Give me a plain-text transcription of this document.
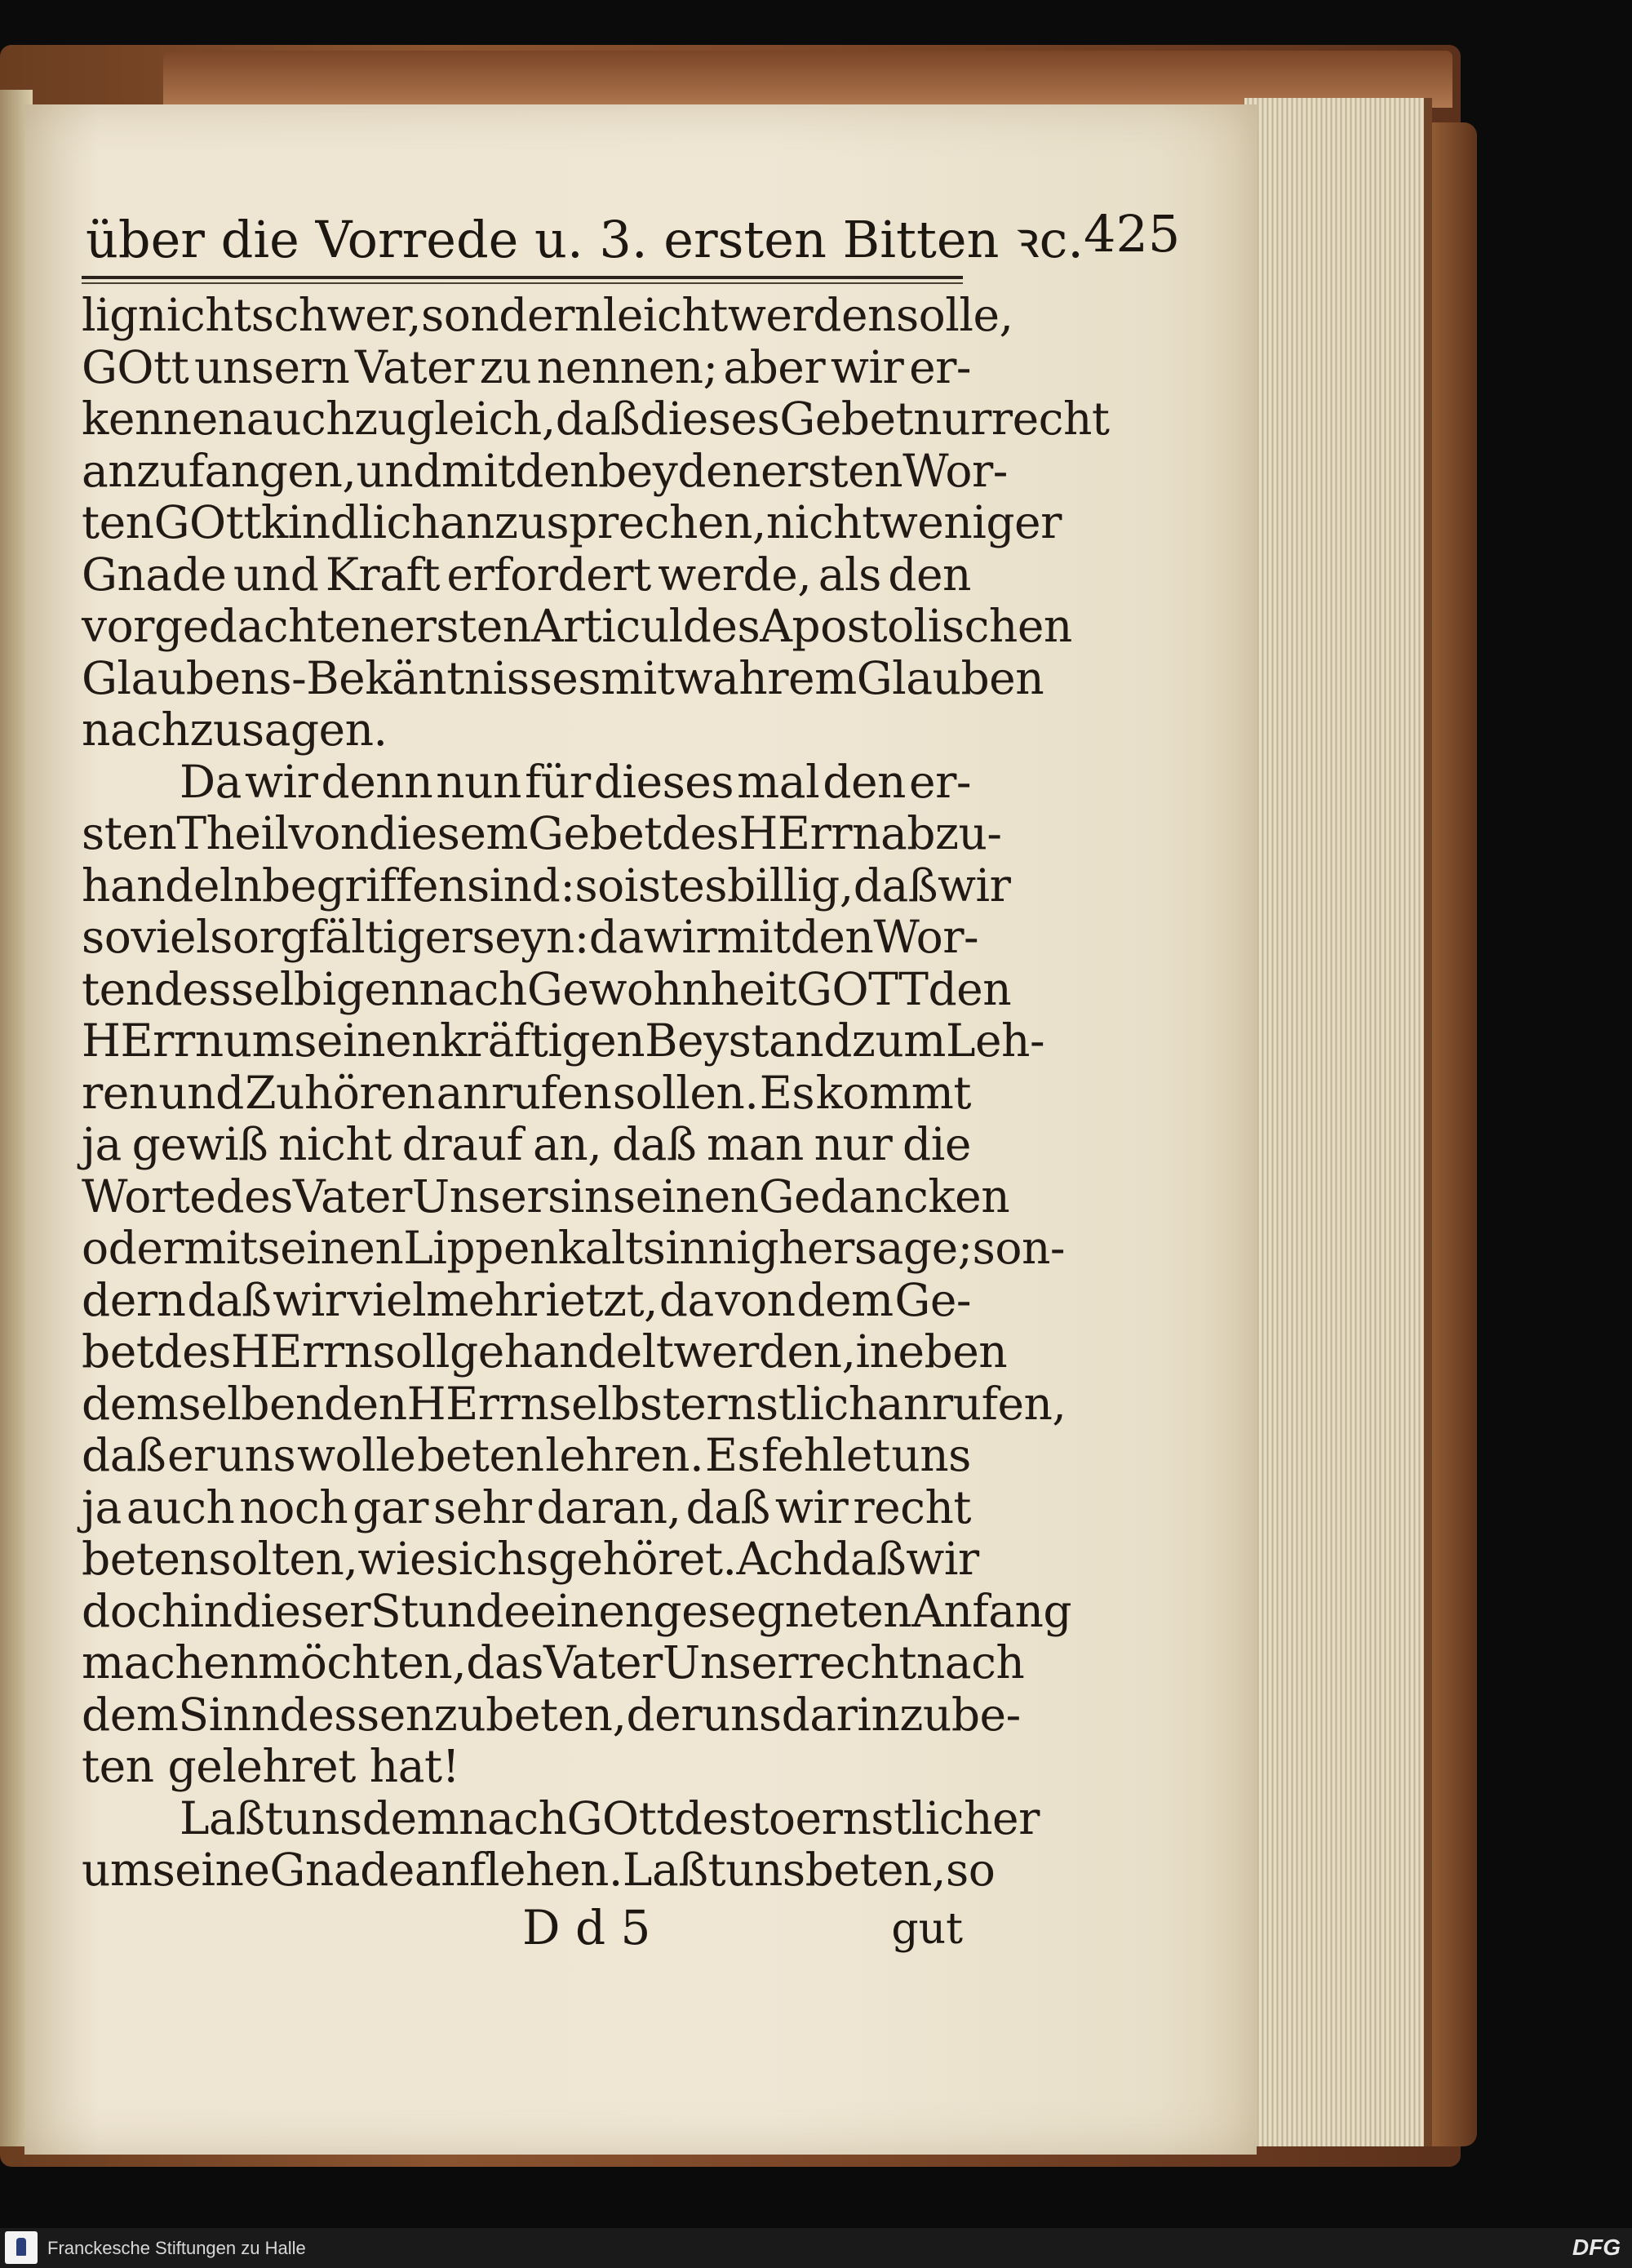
über die Vorrede u. 3. ersten Bitten ꝛc. 425
lig nicht schwer, sondern leicht werden solle,
GOtt unsern Vater zu nennen; aber wir er-
kennen auch zugleich, daß dieses Gebet nur recht
anzufangen, und mit den beyden ersten Wor-
ten GOtt kindlich anzusprechen, nicht weniger
Gnade und Kraft erfordert werde, als den
vor gedachten ersten Articul des Apostolischen
Glaubens-Bekäntnisses mit wahrem Glauben
nachzusagen.
Da wir denn nun für dieses mal den er-
sten Theil von diesem Gebet des HErrn abzu-
handeln begriffen sind: so ist es billig, daß wir
so viel sorgfältiger seyn: da wir mit den Wor-
ten desselbigen nach Gewohnheit GOTT den
HErrn um seinen kräftigen Beystand zum Leh-
ren und Zuhören anrufen sollen. Es kommt
ja gewiß nicht drauf an, daß man nur die
Worte des Vater Unsers in seinen Gedancken
oder mit seinen Lippen kaltsinnig hersage; son-
dern daß wir vielmehr ietzt, da von dem Ge-
bet des HErrn soll gehandelt werden, in eben
demselben den HErrn selbst ernstlich anrufen,
daß er uns wolle beten lehren. Es fehlet uns
ja auch noch gar sehr daran, daß wir recht
beten solten, wie sichs gehöret. Ach daß wir
doch in dieser Stunde einen gesegneten Anfang
machen möchten, das Vater Unser recht nach
dem Sinn dessen zu beten, der uns darin zu be-
ten gelehret hat!
Laßt uns demnach GOtt desto ernstlicher
um seine Gnade anflehen. Laßt uns beten, so
D d 5	gut
Franckesche Stiftungen zu Halle	DFG
